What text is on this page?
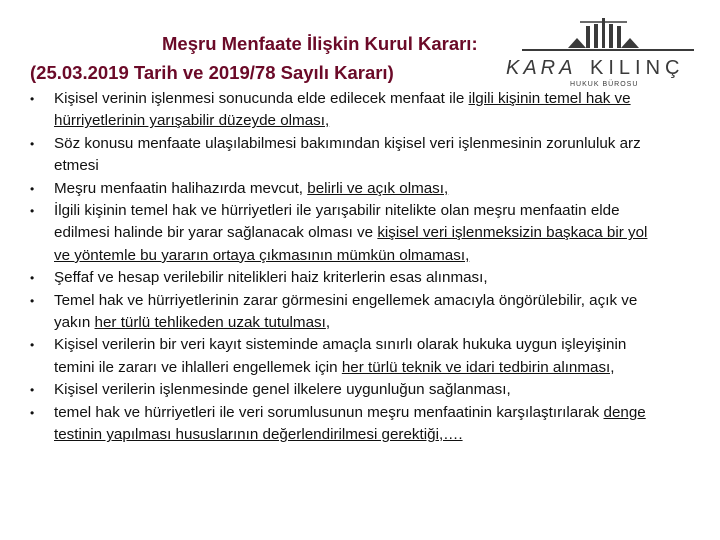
Meşru Menfaate İlişkin Kurul Kararı:
(25.03.2019 Tarih ve 2019/78 Sayılı Kararı)	KARA KILINÇ
HUKUK BÜROSU
•	Kişisel verinin işlenmesi sonucunda elde edilecek menfaat ile ilgili kişinin temel hak ve hürriyetlerinin yarışabilir düzeyde olması,
•	Söz konusu menfaate ulaşılabilmesi bakımından kişisel veri işlenmesinin zorunluluk arz etmesi
•	Meşru menfaatin halihazırda mevcut, belirli ve açık olması,
•	İlgili kişinin temel hak ve hürriyetleri ile yarışabilir nitelikte olan meşru menfaatin elde edilmesi halinde bir yarar sağlanacak olması ve kişisel veri işlenmeksizin başkaca bir yol ve yöntemle bu yararın ortaya çıkmasının mümkün olmaması,
•	Şeffaf ve hesap verilebilir nitelikleri haiz kriterlerin esas alınması,
•	Temel hak ve hürriyetlerinin zarar görmesini engellemek amacıyla öngörülebilir, açık ve yakın her türlü tehlikeden uzak tutulması,
•	Kişisel verilerin bir veri kayıt sisteminde amaçla sınırlı olarak hukuka uygun işleyişinin temini ile zararı ve ihlalleri engellemek için her türlü teknik ve idari tedbirin alınması,
•	Kişisel verilerin işlenmesinde genel ilkelere uygunluğun sağlanması,
•	temel hak ve hürriyetleri ile veri sorumlusunun meşru menfaatinin karşılaştırılarak denge testinin yapılması hususlarının değerlendirilmesi gerektiği,….
